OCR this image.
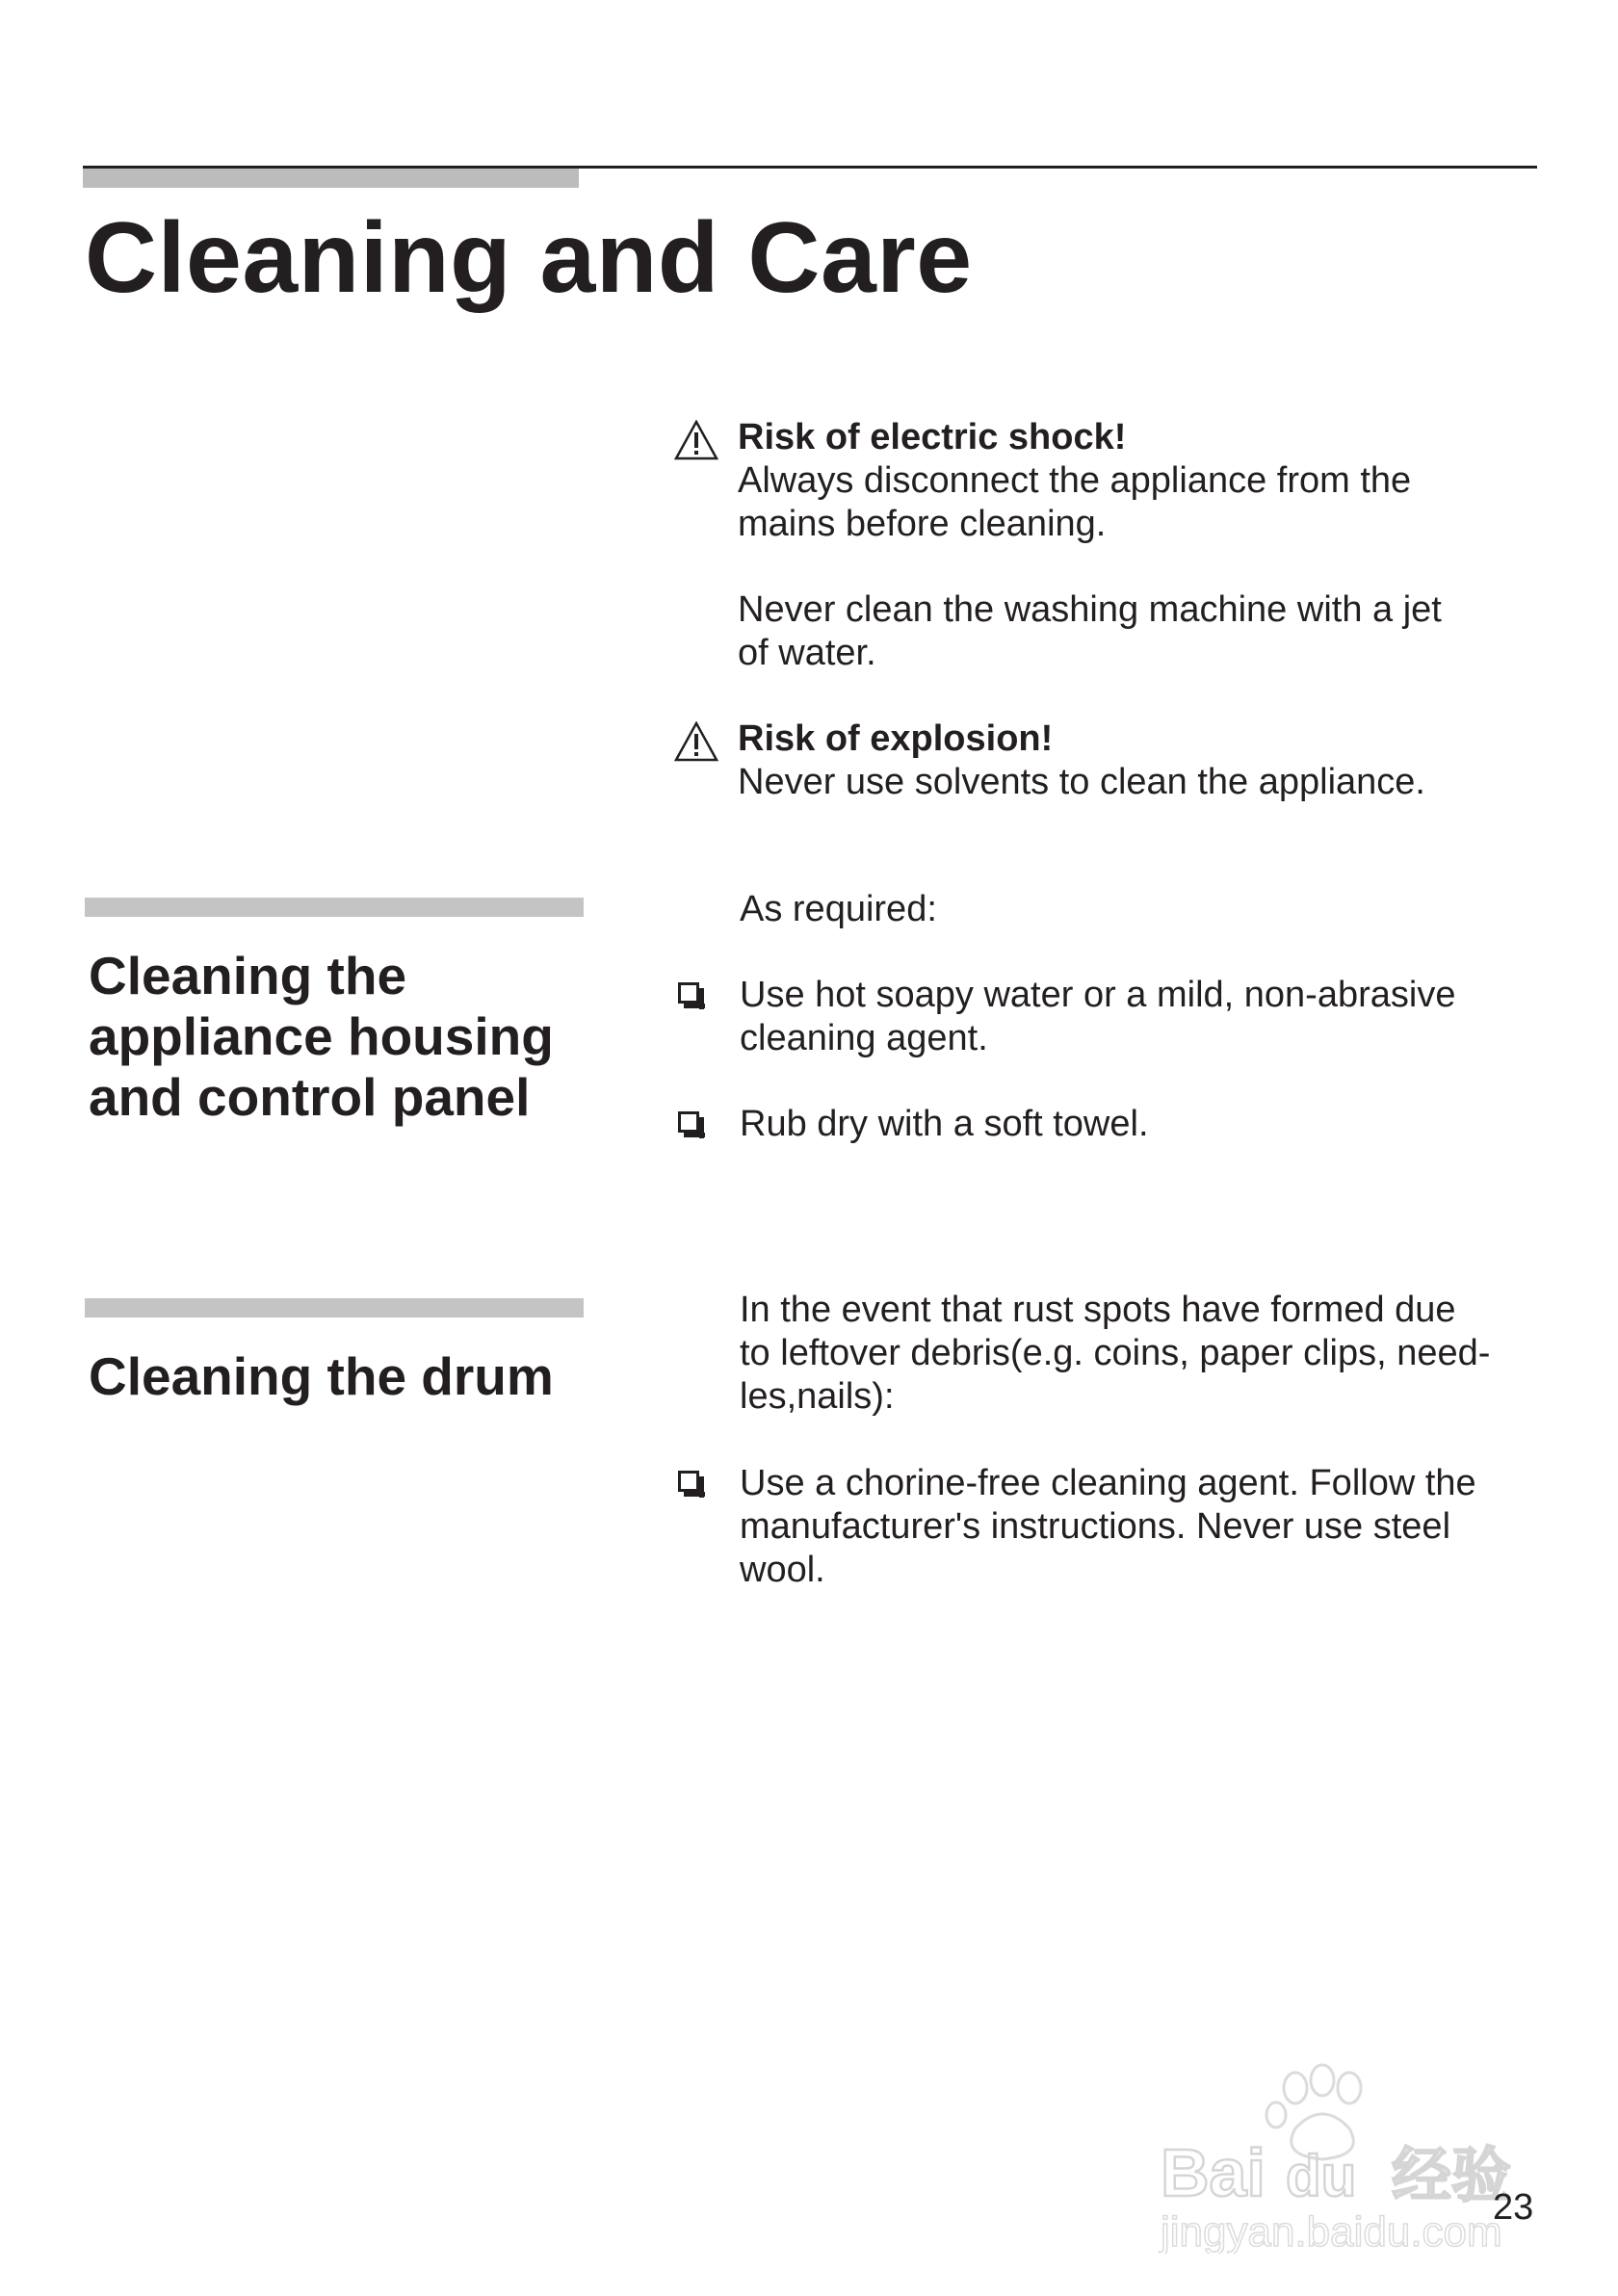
Cleaning and Care
Risk of electric shock!
Always disconnect the appliance from the
mains before cleaning.
Never clean the washing machine with a jet
of water.
Risk of explosion!
Never use solvents to clean the appliance.
Cleaning the
appliance housing
and control panel
As required:
Use hot soapy water or a mild, non-abrasive
cleaning agent.
Rub dry with a soft towel.
Cleaning the drum
In the event that rust spots have formed due
to leftover debris(e.g. coins, paper clips, need-
les,nails):
Use a chorine-free cleaning agent. Follow the
manufacturer's instructions. Never use steel
wool.
Bai du 经验
jingyan.baidu.com
23
